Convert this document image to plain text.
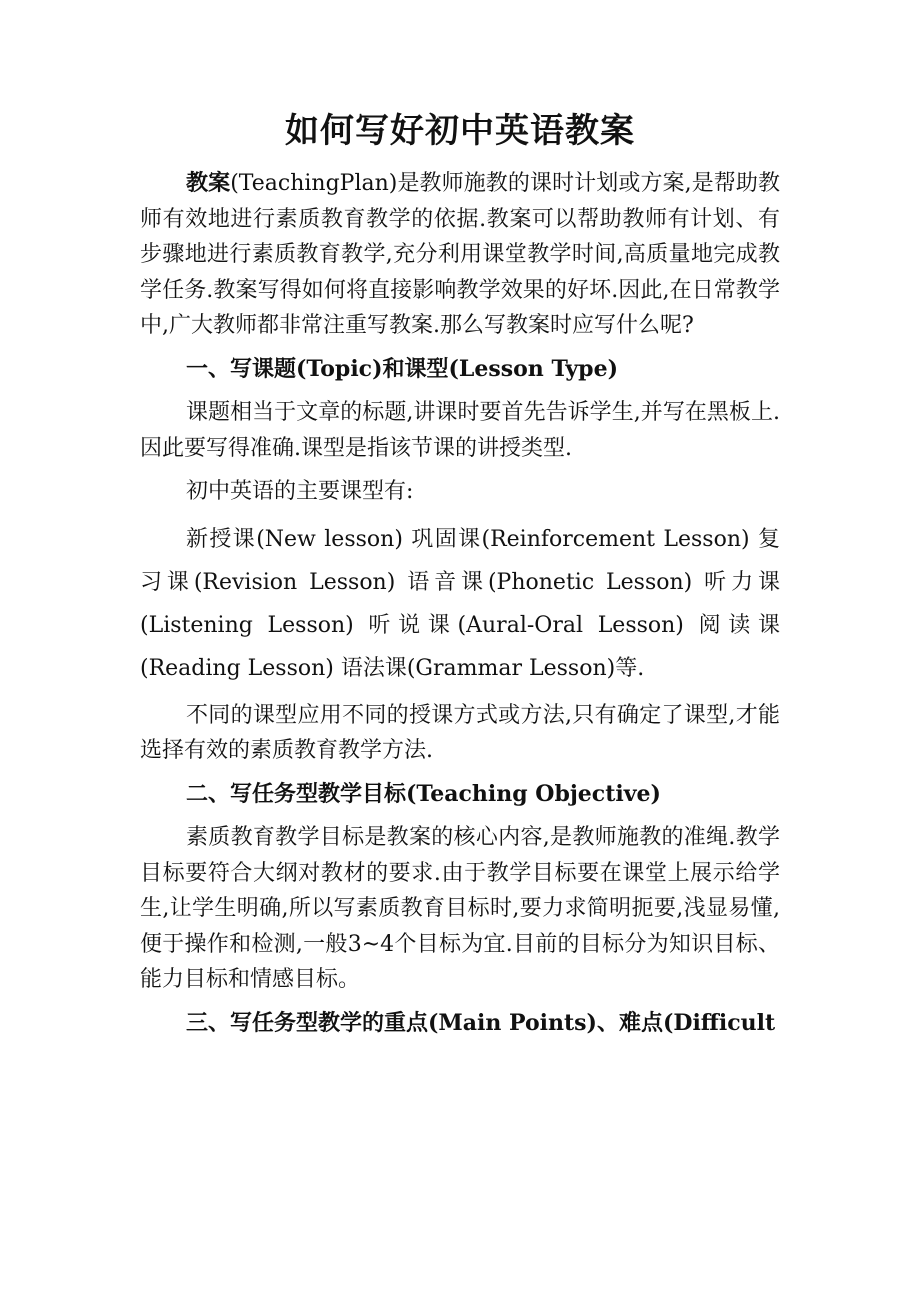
如何写好初中英语教案

教案(TeachingPlan)是教师施教的课时计划或方案,是帮助教师有效地进行素质教育教学的依据.教案可以帮助教师有计划、有步骤地进行素质教育教学,充分利用课堂教学时间,高质量地完成教学任务.教案写得如何将直接影响教学效果的好坏.因此,在日常教学中,广大教师都非常注重写教案.那么写教案时应写什么呢?

一、写课题(Topic)和课型(Lesson Type)

课题相当于文章的标题,讲课时要首先告诉学生,并写在黑板上.因此要写得准确.课型是指该节课的讲授类型.

初中英语的主要课型有:

新授课(New lesson) 巩固课(Reinforcement Lesson) 复习课(Revision Lesson) 语音课(Phonetic Lesson) 听力课(Listening Lesson) 听说课(Aural-Oral Lesson) 阅读课(Reading Lesson) 语法课(Grammar Lesson)等.

不同的课型应用不同的授课方式或方法,只有确定了课型,才能选择有效的素质教育教学方法.

二、写任务型教学目标(Teaching Objective)

素质教育教学目标是教案的核心内容,是教师施教的准绳.教学目标要符合大纲对教材的要求.由于教学目标要在课堂上展示给学生,让学生明确,所以写素质教育目标时,要力求简明扼要,浅显易懂,便于操作和检测,一般3~4个目标为宜.目前的目标分为知识目标、能力目标和情感目标。

三、写任务型教学的重点(Main Points)、难点(Difficult
